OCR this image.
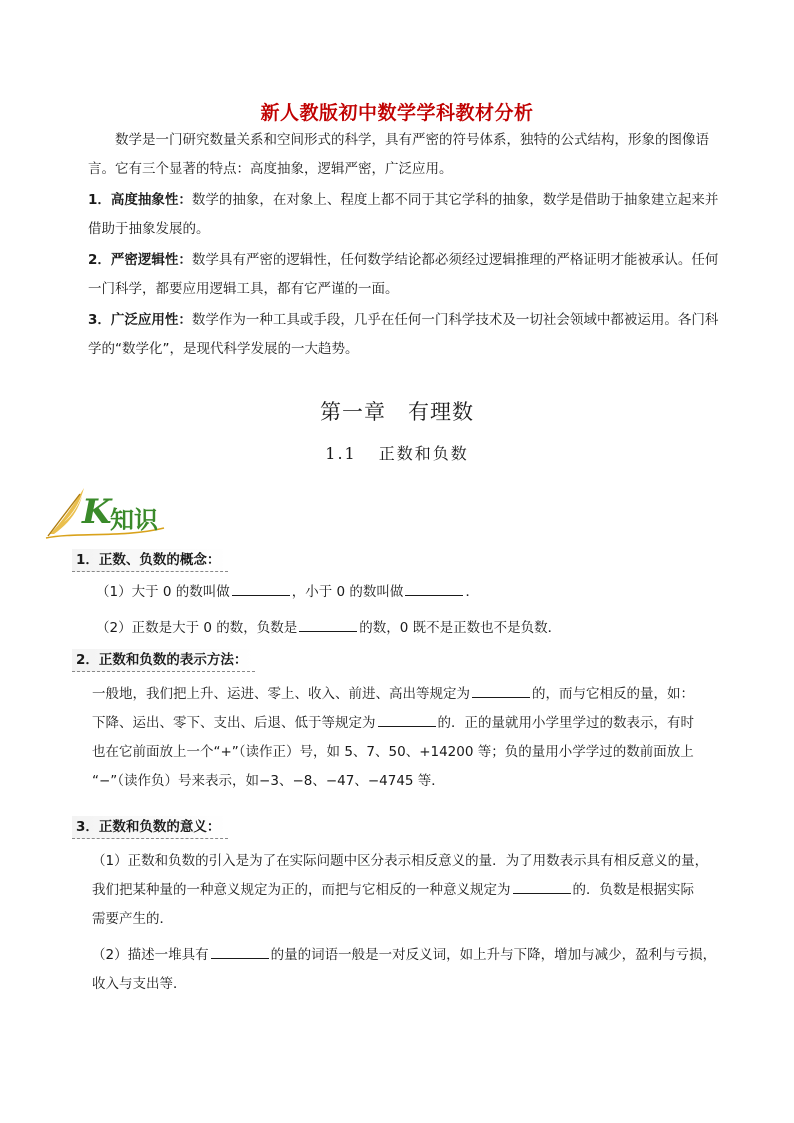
新人教版初中数学学科教材分析
数学是一门研究数量关系和空间形式的科学，具有严密的符号体系，独特的公式结构，形象的图像语
言。它有三个显著的特点：高度抽象，逻辑严密，广泛应用。
1．高度抽象性：数学的抽象，在对象上、程度上都不同于其它学科的抽象，数学是借助于抽象建立起来并
借助于抽象发展的。
2．严密逻辑性：数学具有严密的逻辑性，任何数学结论都必须经过逻辑推理的严格证明才能被承认。任何
一门科学，都要应用逻辑工具，都有它严谨的一面。
3．广泛应用性：数学作为一种工具或手段，几乎在任何一门科学技术及一切社会领域中都被运用。各门科
学的“数学化”，是现代科学发展的一大趋势。
第一章　有理数
1.1 正数和负数
K
知识
1．正数、负数的概念：
（1）大于 0 的数叫做	，小于 0 的数叫做	．
（2）正数是大于 0 的数，负数是	的数，0 既不是正数也不是负数．
2．正数和负数的表示方法：
一般地，我们把上升、运进、零上、收入、前进、高出等规定为	的，而与它相反的量，如：
下降、运出、零下、支出、后退、低于等规定为	的．正的量就用小学里学过的数表示，有时
也在它前面放上一个“+”（读作正）号，如 5、7、50、+14200 等；负的量用小学学过的数前面放上
“−”（读作负）号来表示，如−3、−8、−47、−4745 等．
3．正数和负数的意义：
（1）正数和负数的引入是为了在实际问题中区分表示相反意义的量．为了用数表示具有相反意义的量，
我们把某种量的一种意义规定为正的，而把与它相反的一种意义规定为	的．负数是根据实际
需要产生的．
（2）描述一堆具有	的量的词语一般是一对反义词，如上升与下降，增加与减少，盈利与亏损，
收入与支出等．
